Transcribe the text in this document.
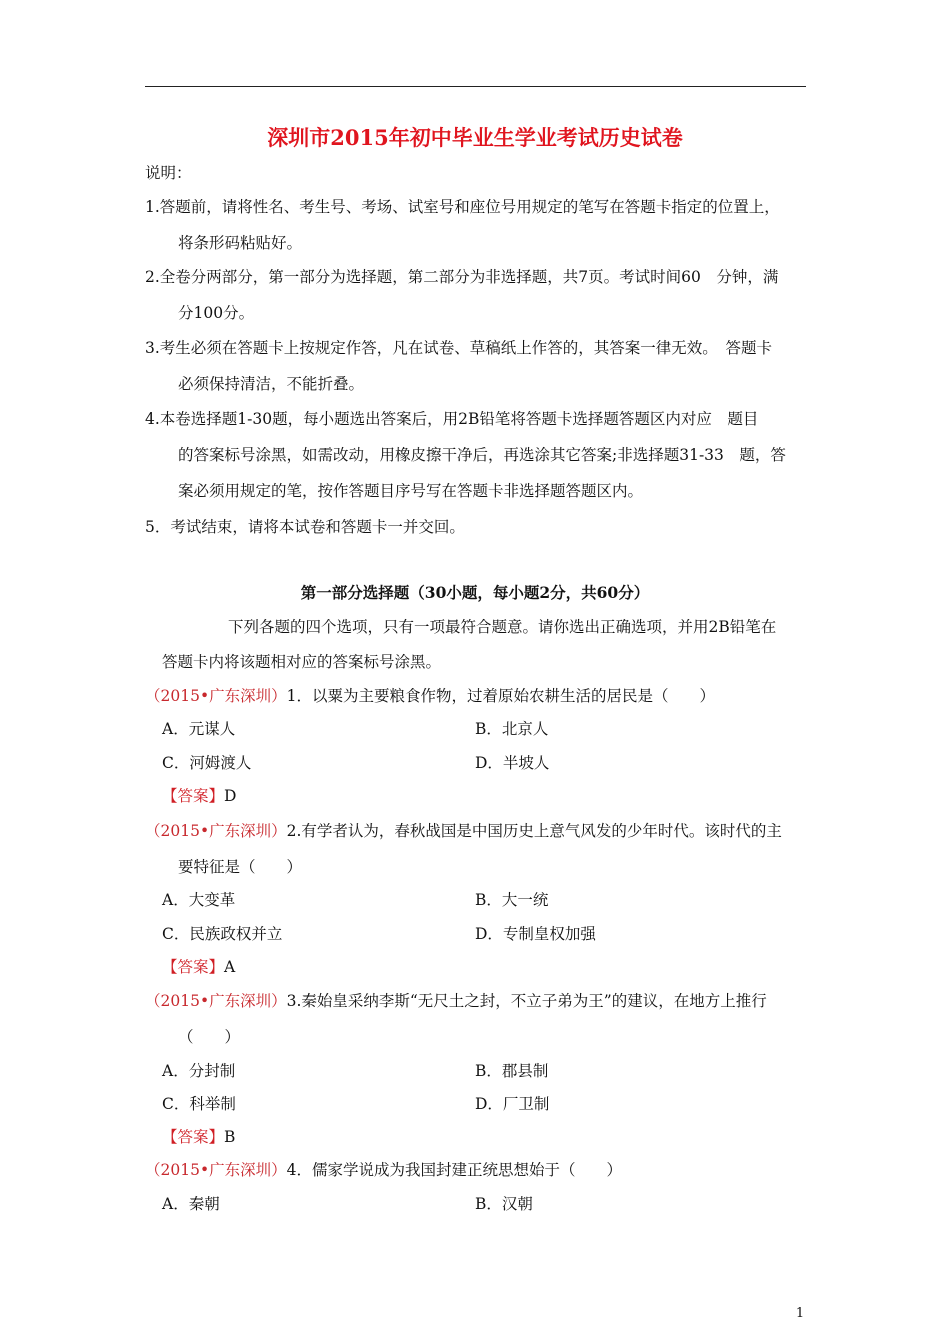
深圳市2015年初中毕业生学业考试历史试卷
说明：
1.答题前，请将性名、考生号、考场、试室号和座位号用规定的笔写在答题卡指定的位置上，
将条形码粘贴好。
2.全卷分两部分，第一部分为选择题，第二部分为非选择题，共7页。考试时间60　分钟，满
分100分。
3.考生必须在答题卡上按规定作答，凡在试卷、草稿纸上作答的，其答案一律无效。　答题卡
必须保持清洁，不能折叠。
4.本卷选择题1-30题，每小题选出答案后，用2B铅笔将答题卡选择题答题区内对应　题目
的答案标号涂黑，如需改动，用橡皮擦干净后，再选涂其它答案;非选择题31-33　题，答
案必须用规定的笔，按作答题目序号写在答题卡非选择题答题区内。
5．考试结束，请将本试卷和答题卡一并交回。
第一部分选择题（30小题，每小题2分，共60分）
下列各题的四个选项，只有一项最符合题意。请你选出正确选项，并用2B铅笔在
答题卡内将该题相对应的答案标号涂黑。
（2015•广东深圳）1．以粟为主要粮食作物，过着原始农耕生活的居民是（　　）
A．元谋人	B．北京人
C．河姆渡人	D．半坡人
【答案】D
（2015•广东深圳）2.有学者认为，春秋战国是中国历史上意气风发的少年时代。该时代的主
要特征是（　　）
A．大变革	B．大一统
C．民族政权并立	D．专制皇权加强
【答案】A
（2015•广东深圳）3.秦始皇采纳李斯“无尺土之封，不立子弟为王”的建议，在地方上推行
（　　）
A．分封制	B．郡县制
C．科举制	D．厂卫制
【答案】B
（2015•广东深圳）4．儒家学说成为我国封建正统思想始于（　　）
A．秦朝	B．汉朝
1
